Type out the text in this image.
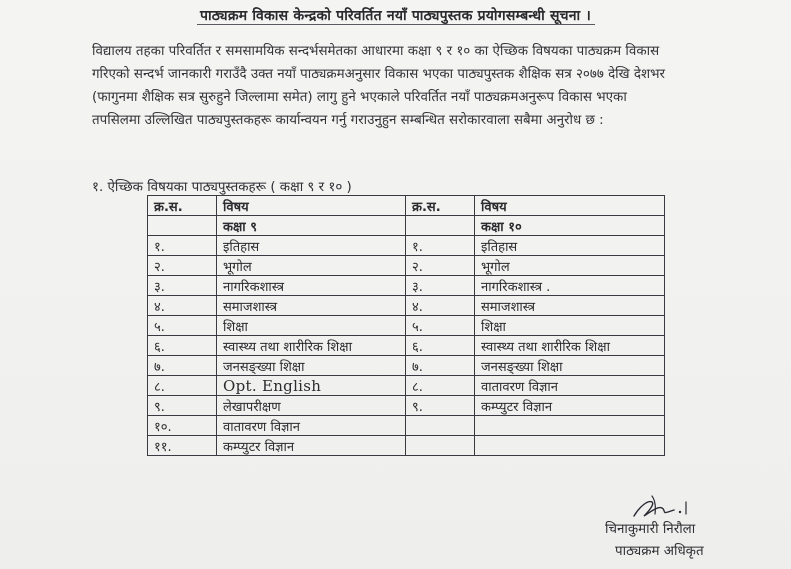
पाठ्यक्रम विकास केन्द्रको परिवर्तित नयाँ पाठ्यपुस्तक प्रयोगसम्बन्धी सूचना ।
विद्यालय तहका परिवर्तित र समसामयिक सन्दर्भसमेतका आधारमा कक्षा ९ र १० का ऐच्छिक विषयका पाठ्यक्रम विकास
गरिएको सन्दर्भ जानकारी गराउँदै उक्त नयाँ पाठ्यक्रमअनुसार विकास भएका पाठ्यपुस्तक शैक्षिक सत्र २०७७ देखि देशभर
(फागुनमा शैक्षिक सत्र सुरुहुने जिल्लामा समेत) लागु हुने भएकाले परिवर्तित नयाँ पाठ्यक्रमअनुरूप विकास भएका
तपसिलमा उल्लिखित पाठ्यपुस्तकहरू कार्यान्वयन गर्नु गराउनुहुन सम्बन्धित सरोकारवाला सबैमा अनुरोध छ :
१. ऐच्छिक विषयका पाठ्यपुस्तकहरू ( कक्षा ९ र १० )
क्र.स.	विषय	क्र.स.	विषय
	कक्षा ९		कक्षा १०
१.	इतिहास	१.	इतिहास
२.	भूगोल	२.	भूगोल
३.	नागरिकशास्त्र	३.	नागरिकशास्त्र .
४.	समाजशास्त्र	४.	समाजशास्त्र
५.	शिक्षा	५.	शिक्षा
६.	स्वास्थ्य तथा शारीरिक शिक्षा	६.	स्वास्थ्य तथा शारीरिक शिक्षा
७.	जनसङ्ख्या शिक्षा	७.	जनसङ्ख्या शिक्षा
८.	Opt. English	८.	वातावरण विज्ञान
९.	लेखापरीक्षण	९.	कम्प्युटर विज्ञान
१०.	वातावरण विज्ञान		
११.	कम्प्युटर विज्ञान		
चिनाकुमारी निरौला
पाठ्यक्रम अधिकृत
